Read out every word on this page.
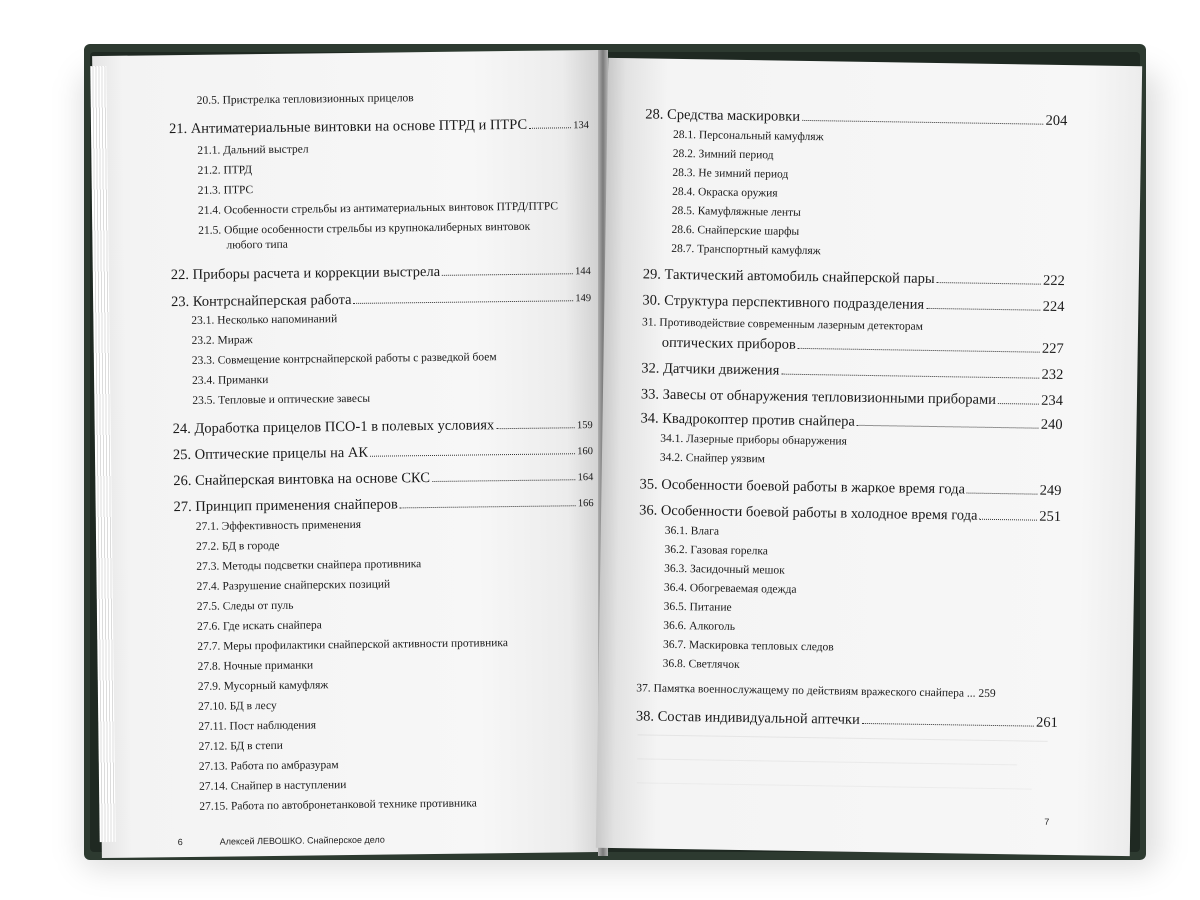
20.5. Пристрелка тепловизионных прицелов
21. Антиматериальные винтовки на основе ПТРД и ПТРС	134
21.1. Дальний выстрел
21.2. ПТРД
21.3. ПТРС
21.4. Особенности стрельбы из антиматериальных винтовок ПТРД/ПТРС
21.5. Общие особенности стрельбы из крупнокалиберных винтовок
любого типа
22. Приборы расчета и коррекции выстрела	144
23. Контрснайперская работа	149
23.1. Несколько напоминаний
23.2. Мираж
23.3. Совмещение контрснайперской работы с разведкой боем
23.4. Приманки
23.5. Тепловые и оптические завесы
24. Доработка прицелов ПСО-1 в полевых условиях	159
25. Оптические прицелы на АК	160
26. Снайперская винтовка на основе СКС	164
27. Принцип применения снайперов	166
27.1. Эффективность применения
27.2. БД в городе
27.3. Методы подсветки снайпера противника
27.4. Разрушение снайперских позиций
27.5. Следы от пуль
27.6. Где искать снайпера
27.7. Меры профилактики снайперской активности противника
27.8. Ночные приманки
27.9. Мусорный камуфляж
27.10. БД в лесу
27.11. Пост наблюдения
27.12. БД в степи
27.13. Работа по амбразурам
27.14. Снайпер в наступлении
27.15. Работа по автобронетанковой технике противника
6	Алексей ЛЕВОШКО. Снайперское дело
28. Средства маскировки	204
28.1. Персональный камуфляж
28.2. Зимний период
28.3. Не зимний период
28.4. Окраска оружия
28.5. Камуфляжные ленты
28.6. Снайперские шарфы
28.7. Транспортный камуфляж
29. Тактический автомобиль снайперской пары	222
30. Структура перспективного подразделения	224
31. Противодействие современным лазерным детекторам
оптических приборов	227
32. Датчики движения	232
33. Завесы от обнаружения тепловизионными приборами	234
34. Квадрокоптер против снайпера	240
34.1. Лазерные приборы обнаружения
34.2. Снайпер уязвим
35. Особенности боевой работы в жаркое время года	249
36. Особенности боевой работы в холодное время года	251
36.1. Влага
36.2. Газовая горелка
36.3. Засидочный мешок
36.4. Обогреваемая одежда
36.5. Питание
36.6. Алкоголь
36.7. Маскировка тепловых следов
36.8. Светлячок
37. Памятка военнослужащему по действиям вражеского снайпера ... 259
38. Состав индивидуальной аптечки	261
7
